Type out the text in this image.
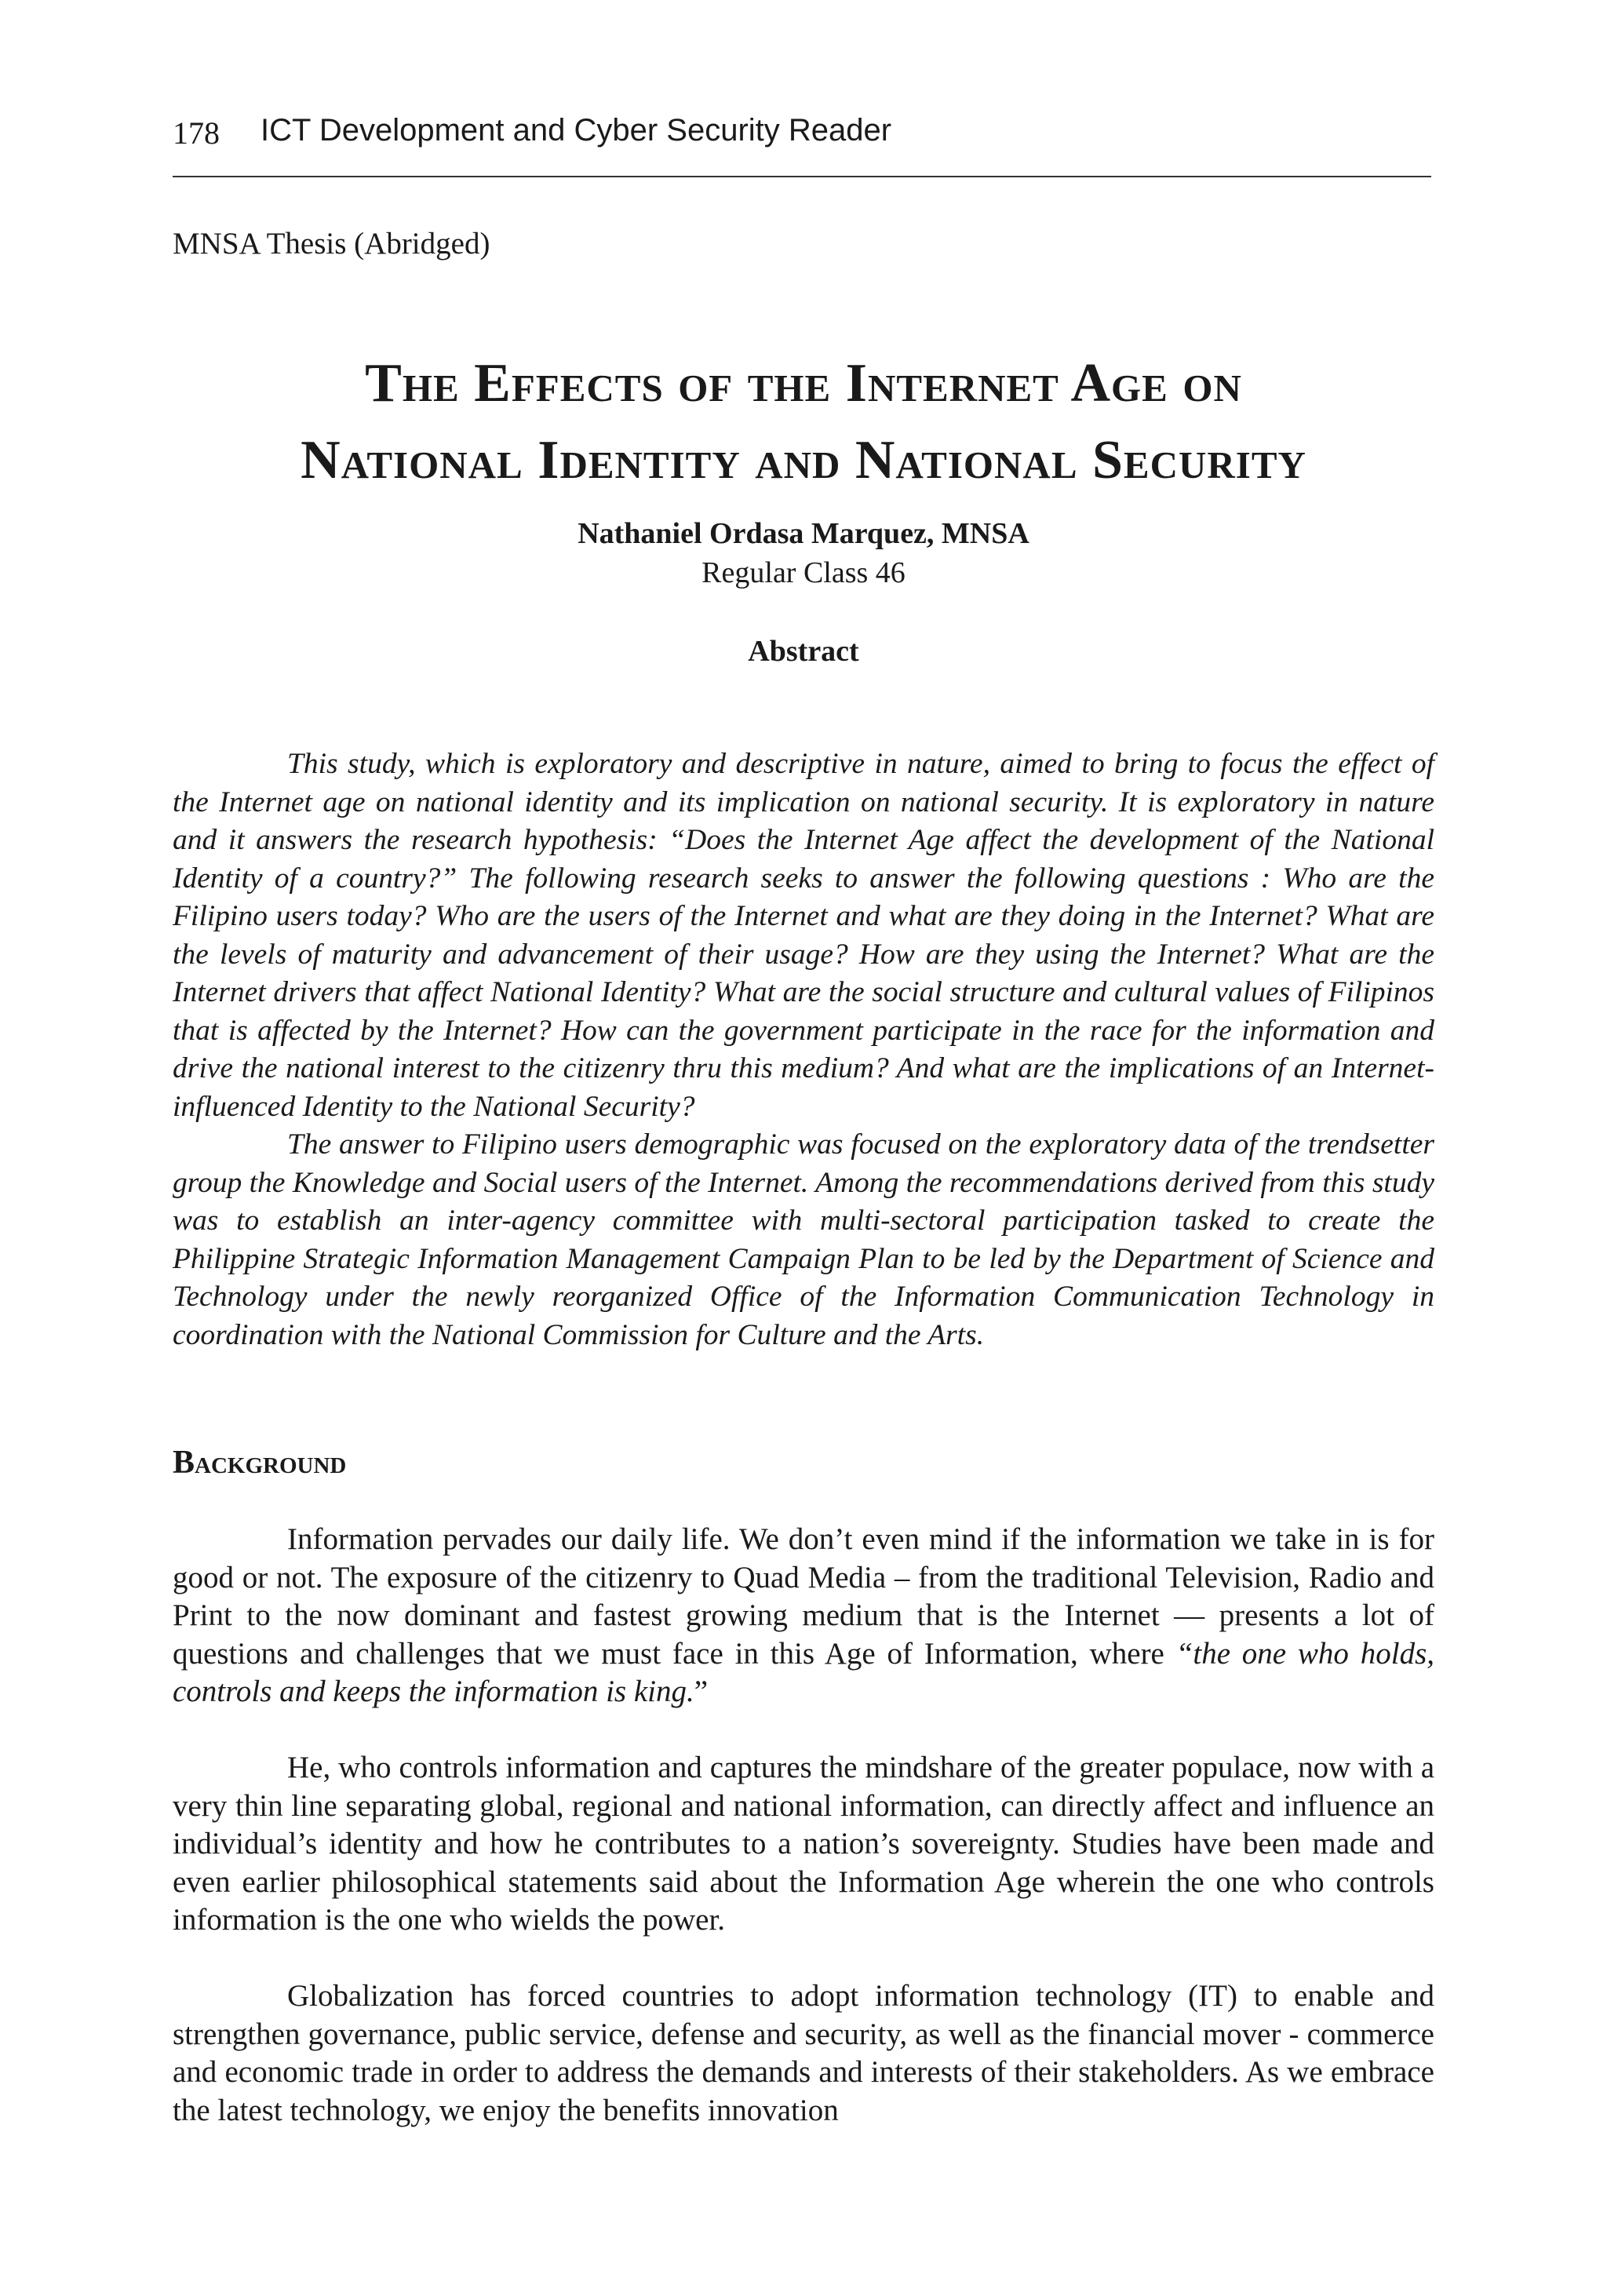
178 ICT Development and Cyber Security Reader
MNSA Thesis (Abridged)
The Effects of the Internet Age on
National Identity and National Security
Nathaniel Ordasa Marquez, MNSA
Regular Class 46
Abstract

This study, which is exploratory and descriptive in nature, aimed to bring to focus the effect of the Internet age on national identity and its implication on national security. It is exploratory in nature and it answers the research hypothesis: “Does the Internet Age affect the development of the National Identity of a country?” The following research seeks to answer the following questions : Who are the Filipino users today? Who are the users of the Internet and what are they doing in the Internet? What are the levels of maturity and advancement of their usage? How are they using the Internet? What are the Internet drivers that affect National Identity? What are the social structure and cultural values of Filipinos that is affected by the Internet? How can the government participate in the race for the information and drive the national interest to the citizenry thru this medium? And what are the implications of an Internet-influenced Identity to the National Security?

The answer to Filipino users demographic was focused on the exploratory data of the trendsetter group the Knowledge and Social users of the Internet. Among the recommendations derived from this study was to establish an inter-agency committee with multi-sectoral participation tasked to create the Philippine Strategic Information Management Campaign Plan to be led by the Department of Science and Technology under the newly reorganized Office of the Information Communication Technology in coordination with the National Commission for Culture and the Arts.

Background

Information pervades our daily life. We don’t even mind if the information we take in is for good or not. The exposure of the citizenry to Quad Media – from the traditional Television, Radio and Print to the now dominant and fastest growing medium that is the Internet — presents a lot of questions and challenges that we must face in this Age of Information, where “the one who holds, controls and keeps the information is king.”

He, who controls information and captures the mindshare of the greater populace, now with a very thin line separating global, regional and national information, can directly affect and influence an individual’s identity and how he contributes to a nation’s sovereignty. Studies have been made and even earlier philosophical statements said about the Information Age wherein the one who controls information is the one who wields the power.

Globalization has forced countries to adopt information technology (IT) to enable and strengthen governance, public service, defense and security, as well as the financial mover - commerce and economic trade in order to address the demands and interests of their stakeholders. As we embrace the latest technology, we enjoy the benefits innovation
